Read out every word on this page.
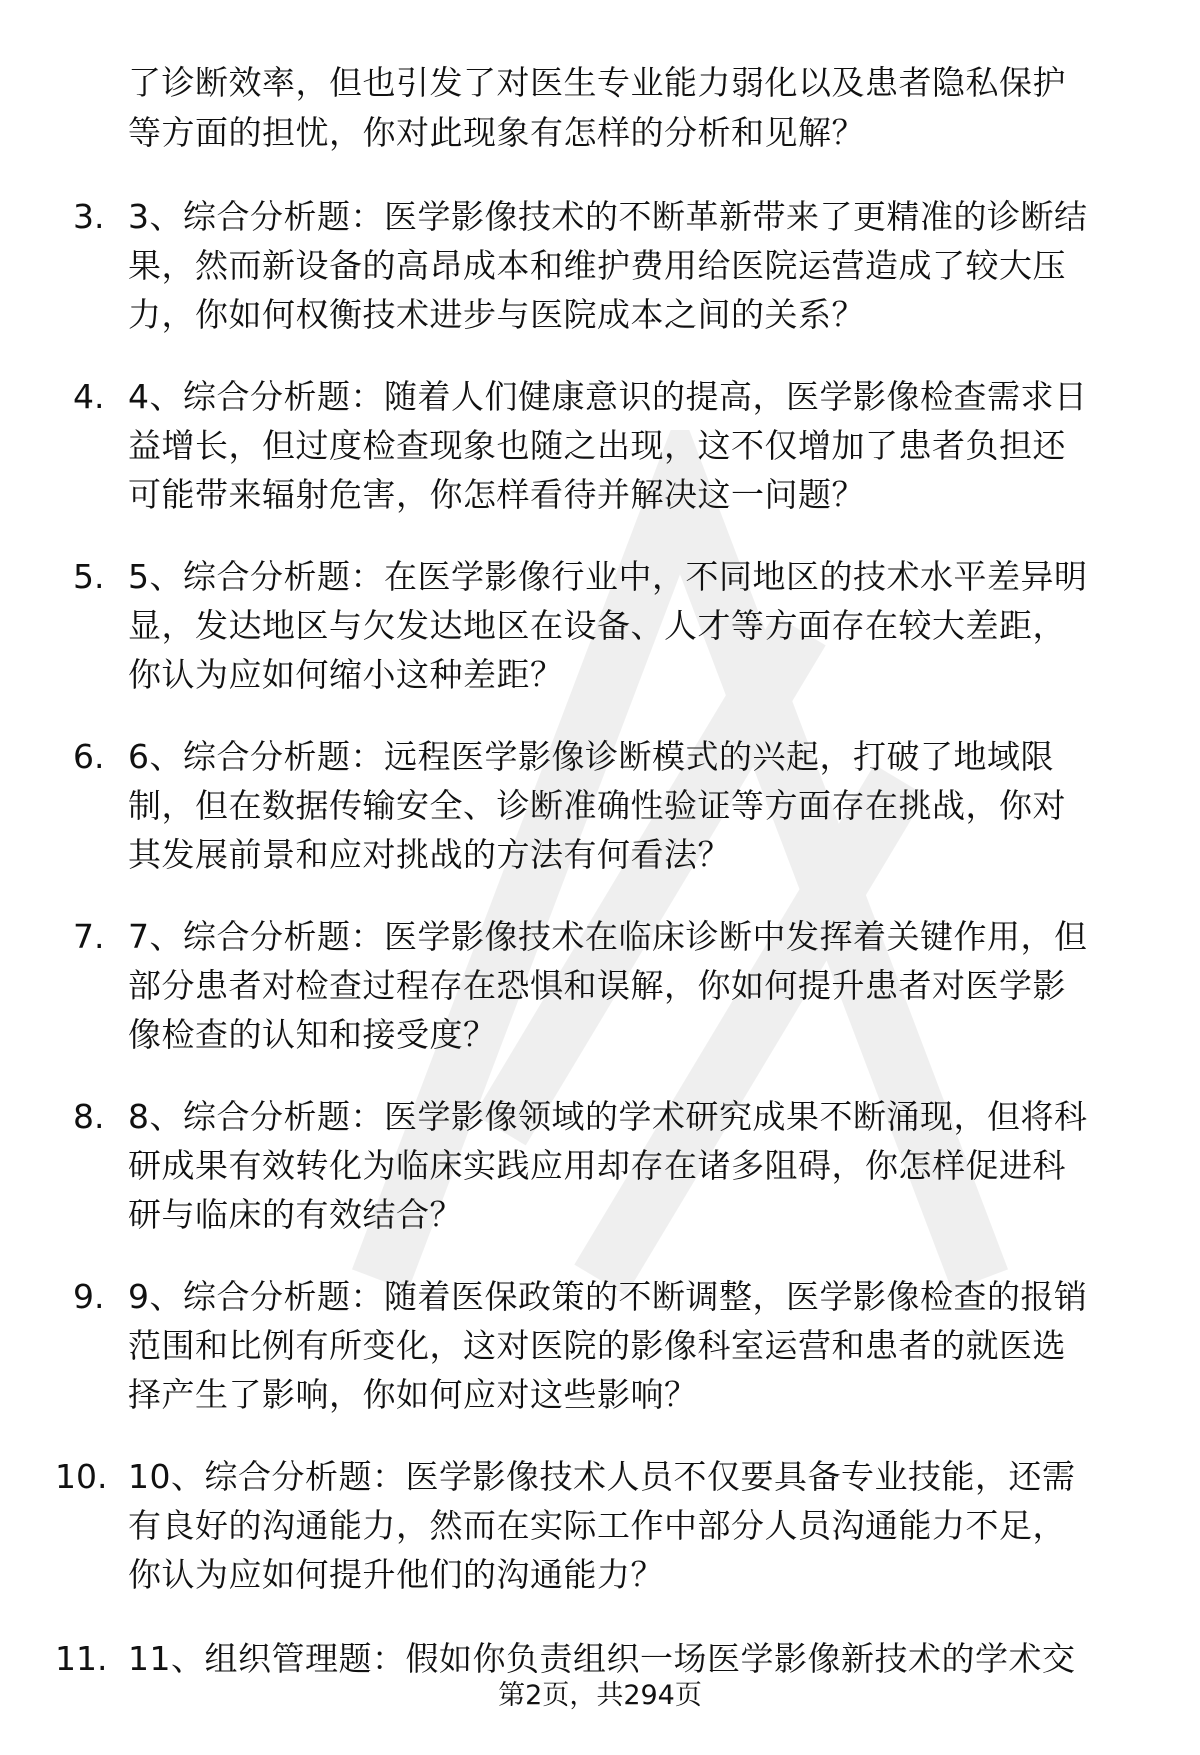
了诊断效率，但也引发了对医生专业能力弱化以及患者隐私保护
等方面的担忧，你对此现象有怎样的分析和见解？
3. 3、综合分析题：医学影像技术的不断革新带来了更精准的诊断结
果，然而新设备的高昂成本和维护费用给医院运营造成了较大压
力，你如何权衡技术进步与医院成本之间的关系？
4. 4、综合分析题：随着人们健康意识的提高，医学影像检查需求日
益增长，但过度检查现象也随之出现，这不仅增加了患者负担还
可能带来辐射危害，你怎样看待并解决这一问题？
5. 5、综合分析题：在医学影像行业中，不同地区的技术水平差异明
显，发达地区与欠发达地区在设备、人才等方面存在较大差距，
你认为应如何缩小这种差距？
6. 6、综合分析题：远程医学影像诊断模式的兴起，打破了地域限
制，但在数据传输安全、诊断准确性验证等方面存在挑战，你对
其发展前景和应对挑战的方法有何看法？
7. 7、综合分析题：医学影像技术在临床诊断中发挥着关键作用，但
部分患者对检查过程存在恐惧和误解，你如何提升患者对医学影
像检查的认知和接受度？
8. 8、综合分析题：医学影像领域的学术研究成果不断涌现，但将科
研成果有效转化为临床实践应用却存在诸多阻碍，你怎样促进科
研与临床的有效结合？
9. 9、综合分析题：随着医保政策的不断调整，医学影像检查的报销
范围和比例有所变化，这对医院的影像科室运营和患者的就医选
择产生了影响，你如何应对这些影响？
10. 10、综合分析题：医学影像技术人员不仅要具备专业技能，还需
有良好的沟通能力，然而在实际工作中部分人员沟通能力不足，
你认为应如何提升他们的沟通能力？
11. 11、组织管理题：假如你负责组织一场医学影像新技术的学术交
第2页，共294页
